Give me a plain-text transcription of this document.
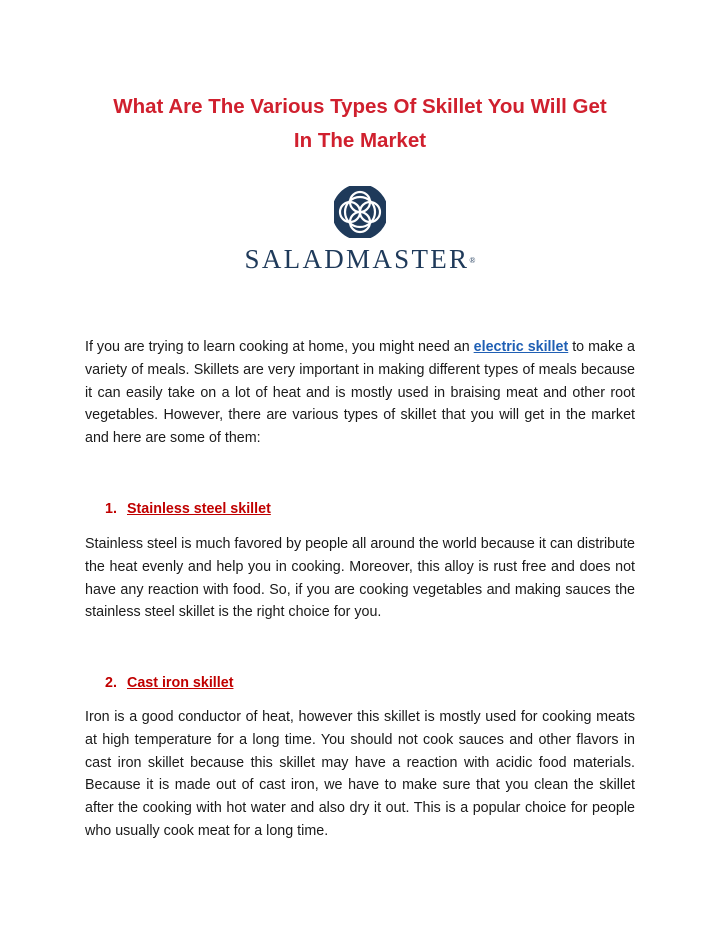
What Are The Various Types Of Skillet You Will Get
In The Market
SALADMASTER®

If you are trying to learn cooking at home, you might need an electric skillet to make a variety of meals. Skillets are very important in making different types of meals because it can easily take on a lot of heat and is mostly used in braising meat and other root vegetables. However, there are various types of skillet that you will get in the market and here are some of them:

1. Stainless steel skillet

Stainless steel is much favored by people all around the world because it can distribute the heat evenly and help you in cooking. Moreover, this alloy is rust free and does not have any reaction with food. So, if you are cooking vegetables and making sauces the stainless steel skillet is the right choice for you.

2. Cast iron skillet

Iron is a good conductor of heat, however this skillet is mostly used for cooking meats at high temperature for a long time. You should not cook sauces and other flavors in cast iron skillet because this skillet may have a reaction with acidic food materials. Because it is made out of cast iron, we have to make sure that you clean the skillet after the cooking with hot water and also dry it out. This is a popular choice for people who usually cook meat for a long time.
